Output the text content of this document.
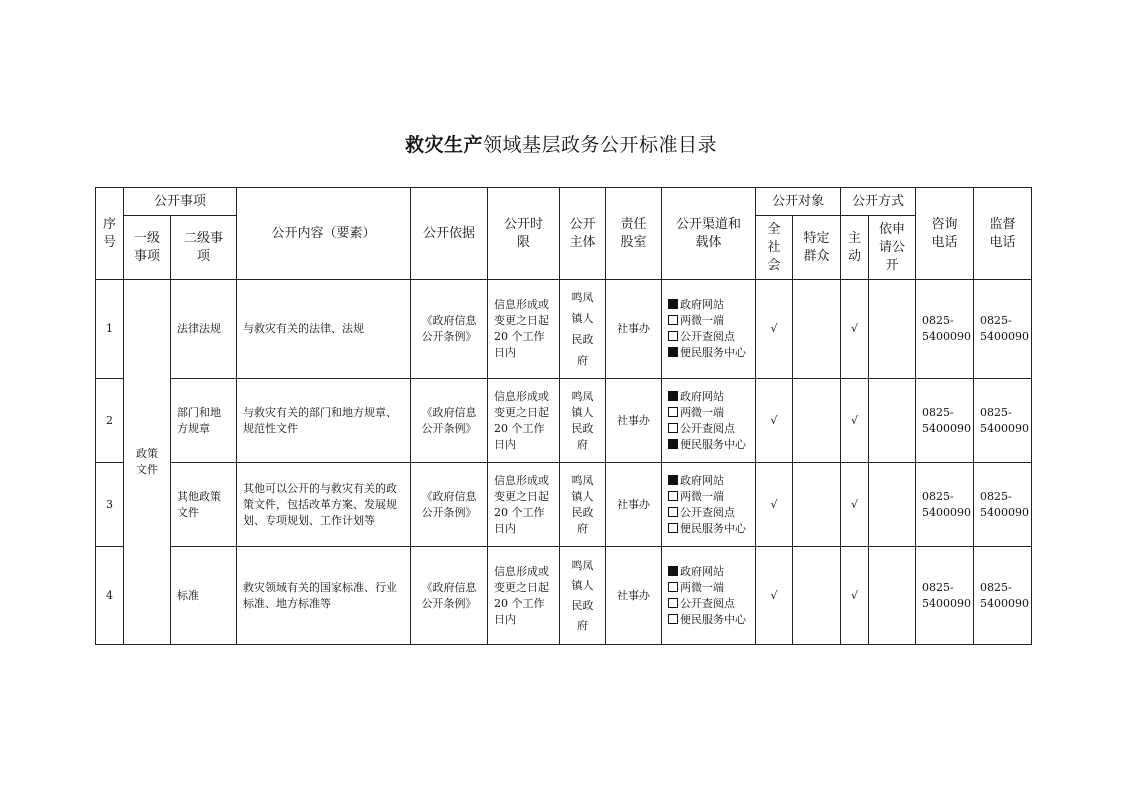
救灾生产领域基层政务公开标准目录
序号	公开事项		公开内容（要素）	公开依据	公开时限	公开主体	责任股室	公开渠道和载体	公开对象		公开方式		咨询电话	监督电话
	一级事项	二级事项							全社会	特定群众	主动	依申请公开		
1	政策文件	法律法规	与救灾有关的法律、法规	《政府信息公开条例》	信息形成或变更之日起 20 个工作日内	鸣凤镇人民政府	社事办	政府网站
两微一端
公开查阅点
便民服务中心	√		√		0825-5400090	0825-5400090
2		部门和地方规章	与救灾有关的部门和地方规章、规范性文件	《政府信息公开条例》	信息形成或变更之日起 20 个工作日内	鸣凤镇人民政府	社事办	政府网站
两微一端
公开查阅点
便民服务中心	√		√		0825-5400090	0825-5400090
3		其他政策文件	其他可以公开的与救灾有关的政策文件，包括改革方案、发展规划、专项规划、工作计划等	《政府信息公开条例》	信息形成或变更之日起 20 个工作日内	鸣凤镇人民政府	社事办	政府网站
两微一端
公开查阅点
便民服务中心	√		√		0825-5400090	0825-5400090
4		标准	救灾领域有关的国家标准、行业标准、地方标准等	《政府信息公开条例》	信息形成或变更之日起 20 个工作日内	鸣凤镇人民政府	社事办	政府网站
两微一端
公开查阅点
便民服务中心	√		√		0825-5400090	0825-5400090
